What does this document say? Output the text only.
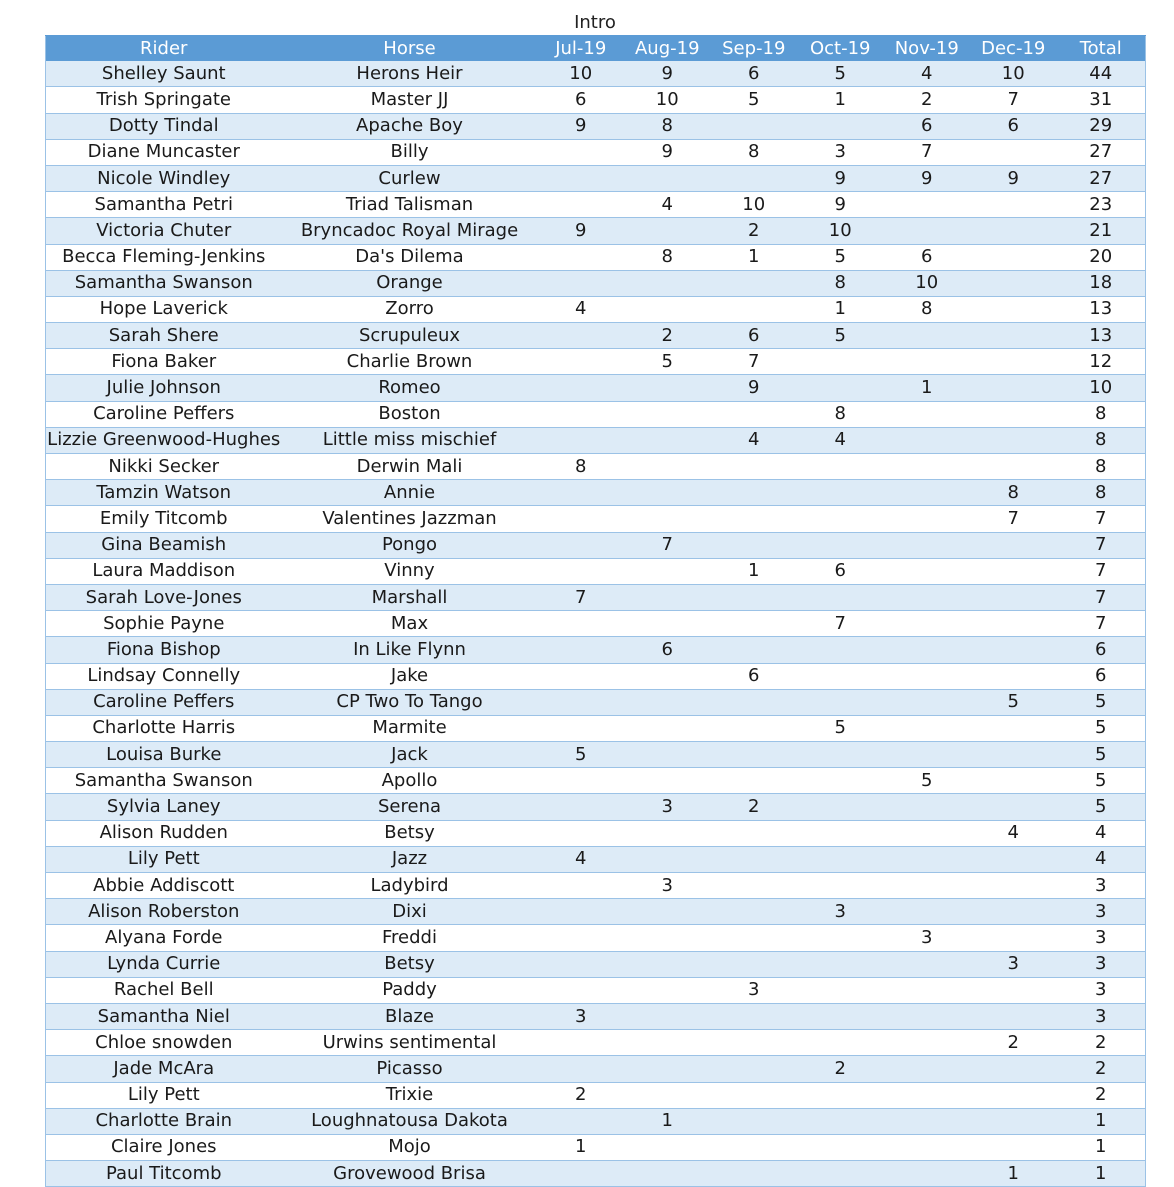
Intro
Rider	Horse	Jul-19	Aug-19	Sep-19	Oct-19	Nov-19	Dec-19	Total
Shelley Saunt	Herons Heir	10	9	6	5	4	10	44
Trish Springate	Master JJ	6	10	5	1	2	7	31
Dotty Tindal	Apache Boy	9	8			6	6	29
Diane Muncaster	Billy		9	8	3	7		27
Nicole Windley	Curlew				9	9	9	27
Samantha Petri	Triad Talisman		4	10	9			23
Victoria Chuter	Bryncadoc Royal Mirage	9		2	10			21
Becca Fleming-Jenkins	Da's Dilema		8	1	5	6		20
Samantha Swanson	Orange				8	10		18
Hope Laverick	Zorro	4			1	8		13
Sarah Shere	Scrupuleux		2	6	5			13
Fiona Baker	Charlie Brown		5	7				12
Julie Johnson	Romeo			9		1		10
Caroline Peffers	Boston				8			8
Lizzie Greenwood-Hughes	Little miss mischief			4	4			8
Nikki Secker	Derwin Mali	8						8
Tamzin Watson	Annie						8	8
Emily Titcomb	Valentines Jazzman						7	7
Gina Beamish	Pongo		7					7
Laura Maddison	Vinny			1	6			7
Sarah Love-Jones	Marshall	7						7
Sophie Payne	Max				7			7
Fiona Bishop	In Like Flynn		6					6
Lindsay Connelly	Jake			6				6
Caroline Peffers	CP Two To Tango						5	5
Charlotte Harris	Marmite				5			5
Louisa Burke	Jack	5						5
Samantha Swanson	Apollo					5		5
Sylvia Laney	Serena		3	2				5
Alison Rudden	Betsy						4	4
Lily Pett	Jazz	4						4
Abbie Addiscott	Ladybird		3					3
Alison Roberston	Dixi				3			3
Alyana Forde	Freddi					3		3
Lynda Currie	Betsy						3	3
Rachel Bell	Paddy			3				3
Samantha Niel	Blaze	3						3
Chloe snowden	Urwins sentimental						2	2
Jade McAra	Picasso				2			2
Lily Pett	Trixie	2						2
Charlotte Brain	Loughnatousa Dakota		1					1
Claire Jones	Mojo	1						1
Paul Titcomb	Grovewood Brisa						1	1
